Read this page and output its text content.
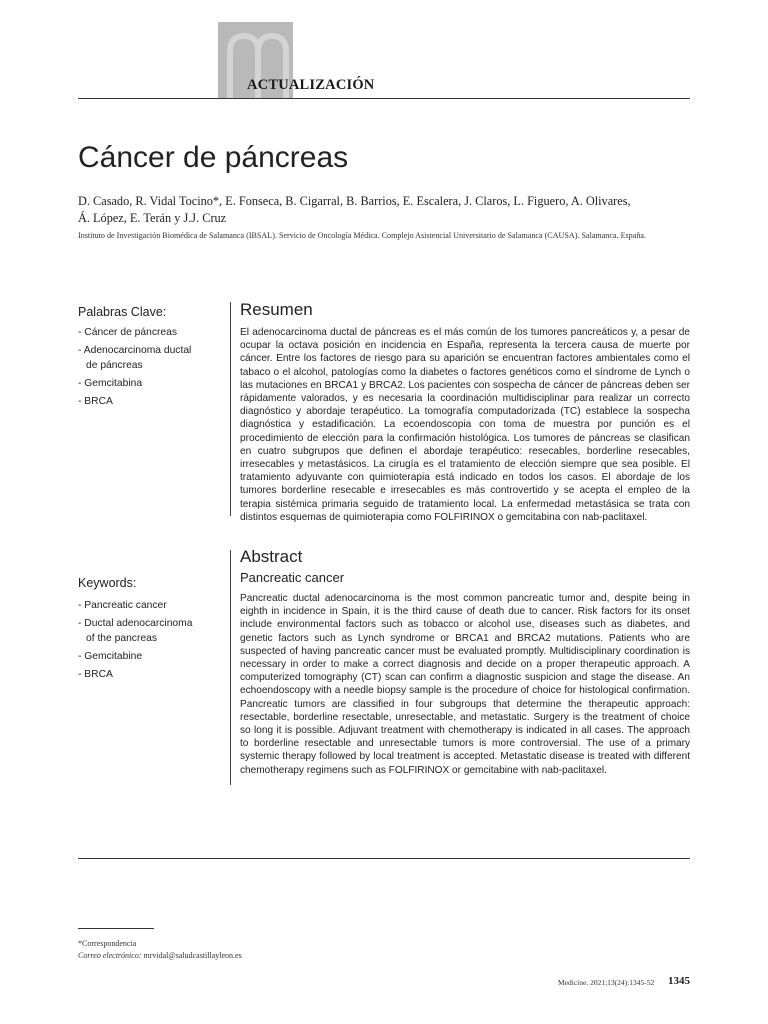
ACTUALIZACIÓN
Cáncer de páncreas
D. Casado, R. Vidal Tocino*, E. Fonseca, B. Cigarral, B. Barrios, E. Escalera, J. Claros, L. Figuero, A. Olivares,
Á. López, E. Terán y J.J. Cruz
Instituto de Investigación Biomédica de Salamanca (IBSAL). Servicio de Oncología Médica. Complejo Asistencial Universitario de Salamanca (CAUSA). Salamanca. España.
Palabras Clave:
- Cáncer de páncreas
- Adenocarcinoma ductal
de páncreas
- Gemcitabina
- BRCA
Resumen

El adenocarcinoma ductal de páncreas es el más común de los tumores pancreáticos y, a pesar de ocupar la octava posición en incidencia en España, representa la tercera causa de muerte por cáncer. Entre los factores de riesgo para su aparición se encuentran factores ambientales como el tabaco o el alcohol, patologías como la diabetes o factores genéticos como el síndrome de Lynch o las mutaciones en BRCA1 y BRCA2. Los pacientes con sospecha de cáncer de páncreas deben ser rápidamente valorados, y es necesaria la coordinación multidisciplinar para realizar un correcto diagnóstico y abordaje terapéutico. La tomografía computadorizada (TC) establece la sospecha diagnóstica y estadificación. La ecoendoscopia con toma de muestra por punción es el procedimiento de elección para la confirmación histológica. Los tumores de páncreas se clasifican en cuatro subgrupos que definen el abordaje terapéutico: resecables, borderline resecables, irresecables y metastásicos. La cirugía es el tratamiento de elección siempre que sea posible. El tratamiento adyuvante con quimioterapia está indicado en todos los casos. El abordaje de los tumores borderline resecable e irresecables es más controvertido y se acepta el empleo de la terapia sistémica primaria seguido de tratamiento local. La enfermedad metastásica se trata con distintos esquemas de quimioterapia como FOLFIRINOX o gemcitabina con nab-paclitaxel.

Keywords:
- Pancreatic cancer
- Ductal adenocarcinoma
of the pancreas
- Gemcitabine
- BRCA
Abstract
Pancreatic cancer

Pancreatic ductal adenocarcinoma is the most common pancreatic tumor and, despite being in eighth in incidence in Spain, it is the third cause of death due to cancer. Risk factors for its onset include environmental factors such as tobacco or alcohol use, diseases such as diabetes, and genetic factors such as Lynch syndrome or BRCA1 and BRCA2 mutations. Patients who are suspected of having pancreatic cancer must be evaluated promptly. Multidisciplinary coordination is necessary in order to make a correct diagnosis and decide on a proper therapeutic approach. A computerized tomography (CT) scan can confirm a diagnostic suspicion and stage the disease. An echoendoscopy with a needle biopsy sample is the procedure of choice for histological confirmation. Pancreatic tumors are classified in four subgroups that determine the therapeutic approach: resectable, borderline resectable, unresectable, and metastatic. Surgery is the treatment of choice so long it is possible. Adjuvant treatment with chemotherapy is indicated in all cases. The approach to borderline resectable and unresectable tumors is more controversial. The use of a primary systemic therapy followed by local treatment is accepted. Metastatic disease is treated with different chemotherapy regimens such as FOLFIRINOX or gemcitabine with nab-paclitaxel.

*Correspondencia

Correo electrónico: mrvidal@saludcastillayleon.es

Medicine. 2021;13(24):1345-52 1345
